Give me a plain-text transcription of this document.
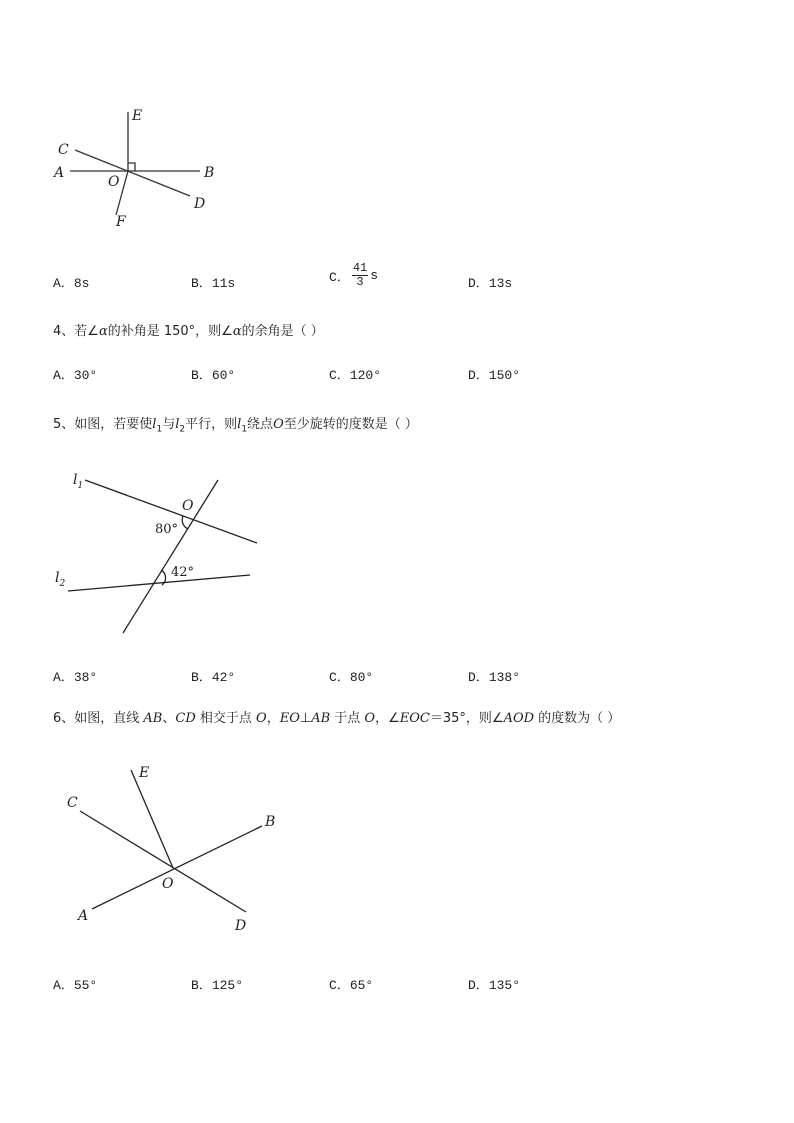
E
C
A
O
B
D
F
A．8s	B．11s	C． $\frac{41}{3}$ s
D．13s
4、若∠α的补角是 150°，则∠α的余角是（ ）
A．30°	B．60°	C．120°	D．150°
5、如图，若要使$l_1$与$l_2$平行，则$l_1$绕点O至少旋转的度数是（ ）
$l_1$
$l_2$
O
80°
42°
A．38°	B．42°	C．80°	D．138°
6、如图，直线 AB、CD 相交于点 O，EO⊥AB 于点 O，∠EOC＝35°，则∠AOD 的度数为（ ）
E
C
B
O
A
D
A．55°	B．125°	C．65°	D．135°
